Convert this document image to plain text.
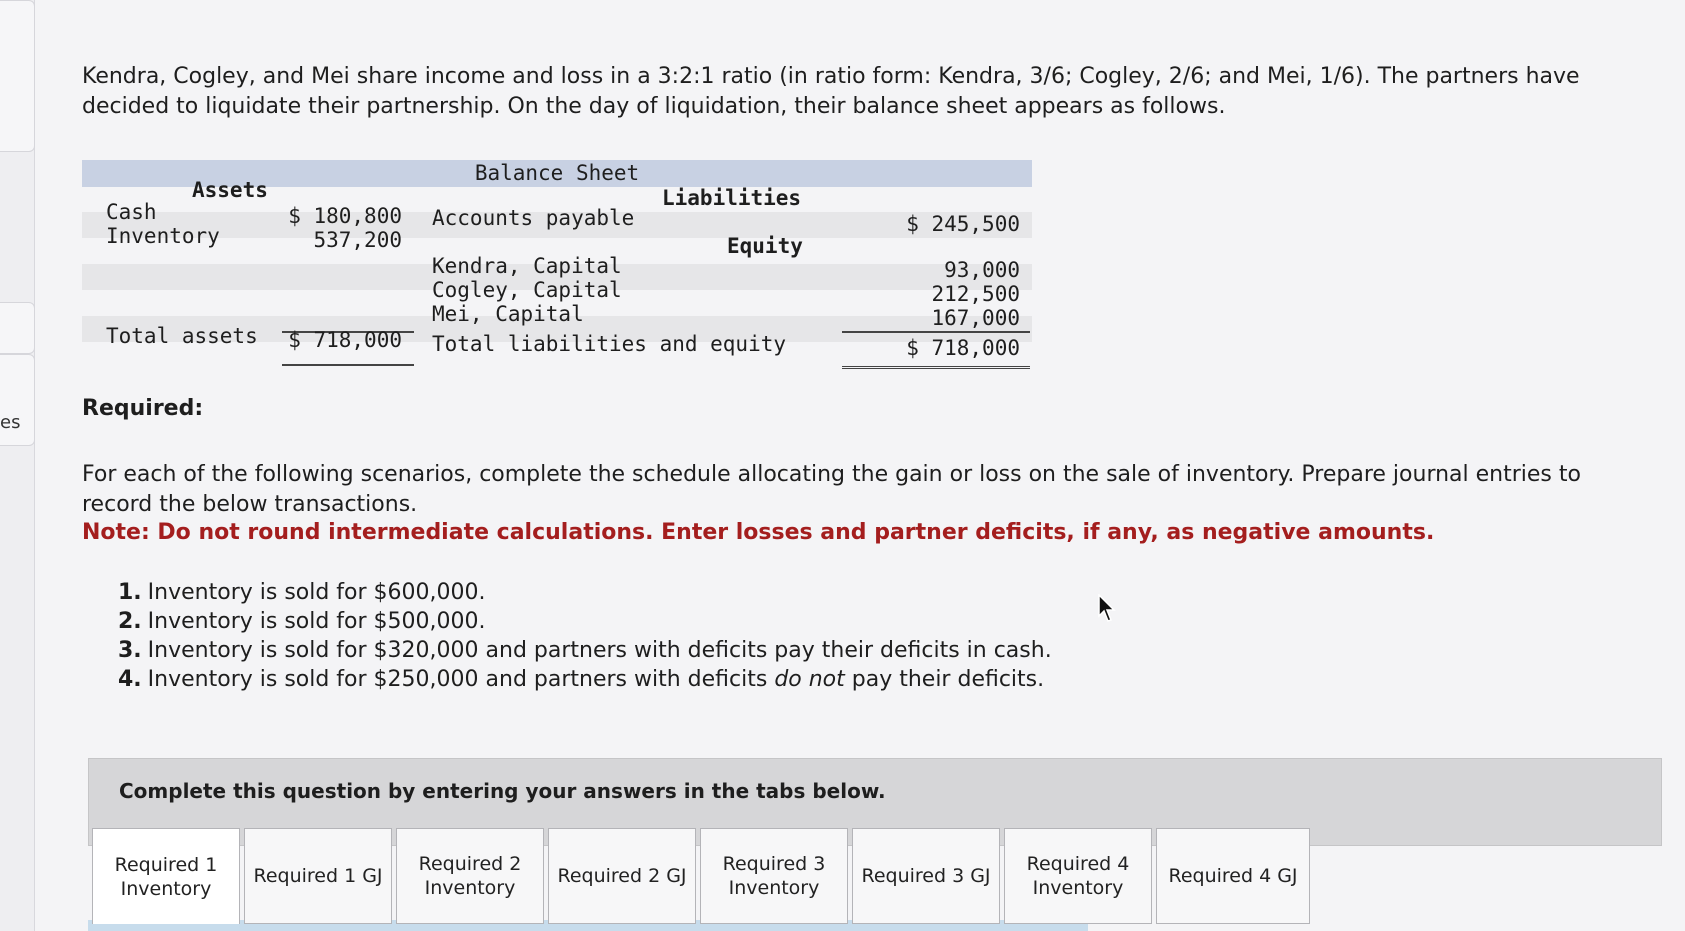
es

Kendra, Cogley, and Mei share income and loss in a 3:2:1 ratio (in ratio form: Kendra, 3/6; Cogley, 2/6; and Mei, 1/6). The partners have decided to liquidate their partnership. On the day of liquidation, their balance sheet appears as follows.

Balance Sheet
Assets	Liabilities
Cash	$ 180,800 Accounts payable	$ 245,500
Inventory	537,200	Equity
Kendra, Capital	93,000
Cogley, Capital	212,500
Mei, Capital	167,000
Total assets $ 718,000 Total liabilities and equity	$ 718,000
Required:
For each of the following scenarios, complete the schedule allocating the gain or loss on the sale of inventory. Prepare journal entries to record the below transactions.
Note: Do not round intermediate calculations. Enter losses and partner deficits, if any, as negative amounts.
1. Inventory is sold for $600,000.
2. Inventory is sold for $500,000.
3. Inventory is sold for $320,000 and partners with deficits pay their deficits in cash.
4. Inventory is sold for $250,000 and partners with deficits do not pay their deficits.
Complete this question by entering your answers in the tabs below.
Required 1
Inventory
Required 1 GJ
Required 2
Inventory
Required 2 GJ
Required 3
Inventory
Required 3 GJ
Required 4
Inventory
Required 4 GJ
